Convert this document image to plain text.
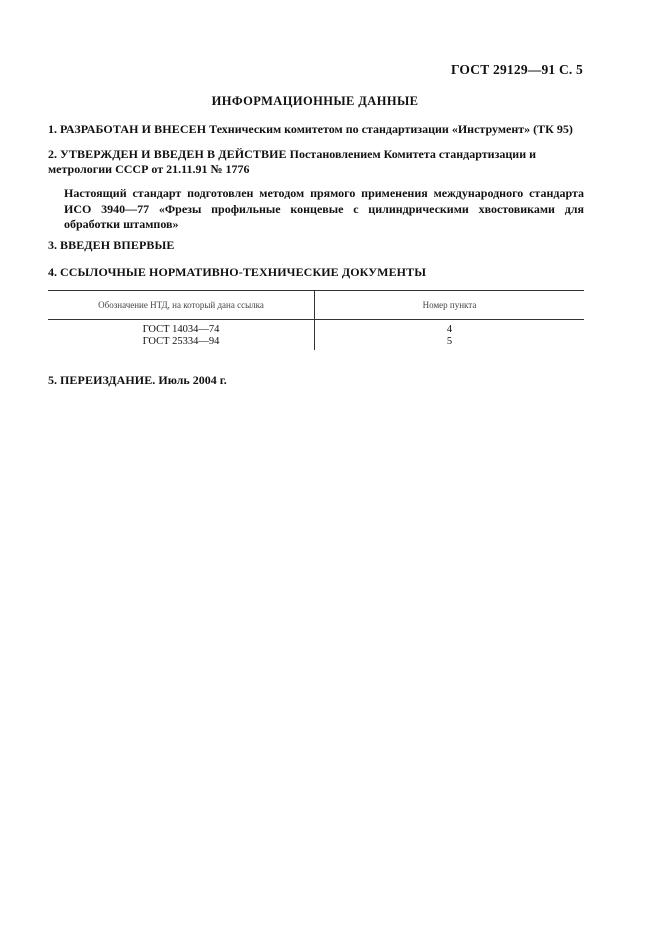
ГОСТ 29129—91 С. 5
ИНФОРМАЦИОННЫЕ ДАННЫЕ
1. РАЗРАБОТАН И ВНЕСЕН Техническим комитетом по стандартизации «Инструмент» (ТК 95)
2. УТВЕРЖДЕН И ВВЕДЕН В ДЕЙСТВИЕ Постановлением Комитета стандартизации и метрологии СССР от 21.11.91 № 1776
Настоящий стандарт подготовлен методом прямого применения международного стандарта ИСО 3940—77 «Фрезы профильные концевые с цилиндрическими хвостовиками для обработки штампов»
3. ВВЕДЕН ВПЕРВЫЕ
4. ССЫЛОЧНЫЕ НОРМАТИВНО-ТЕХНИЧЕСКИЕ ДОКУМЕНТЫ
Обозначение НТД, на который дана ссылка	Номер пункта
ГОСТ 14034—74	4
ГОСТ 25334—94	5
5. ПЕРЕИЗДАНИЕ. Июль 2004 г.
